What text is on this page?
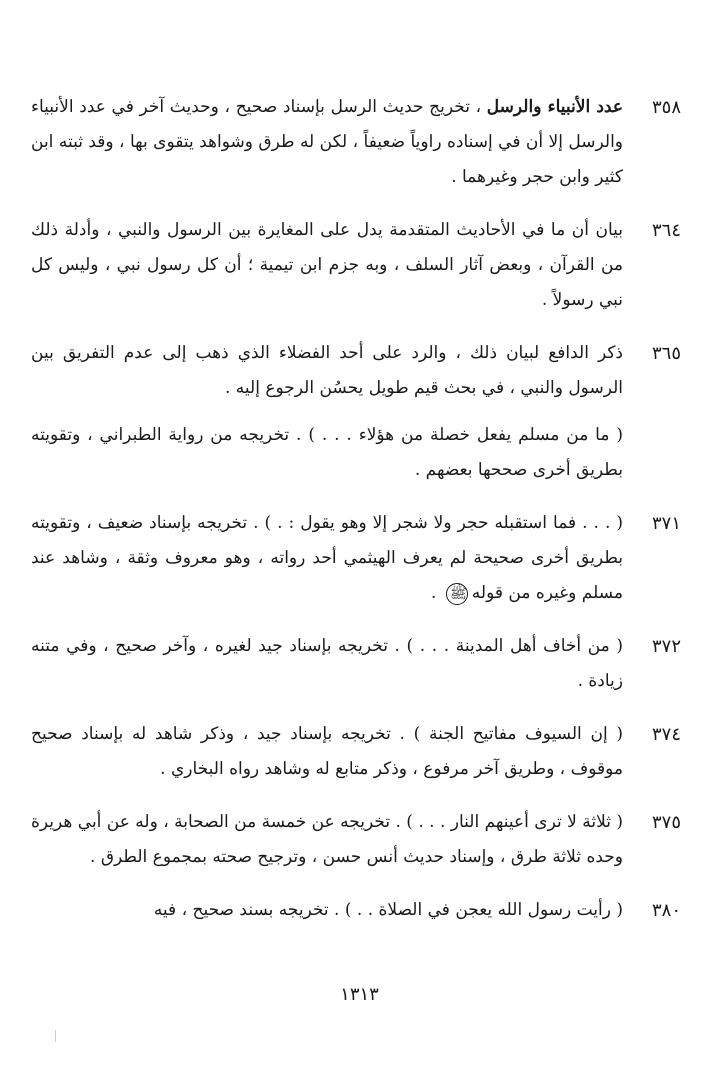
٣٥٨

عدد الأنبياء والرسل ، تخريج حديث الرسل بإسناد صحيح ، وحديث آخر في عدد الأنبياء والرسل إلا أن في إسناده راوياً ضعيفاً ، لكن له طرق وشواهد يتقوى بها ، وقد ثبته ابن كثير وابن حجر وغيرهما .

٣٦٤

بيان أن ما في الأحاديث المتقدمة يدل على المغايرة بين الرسول والنبي ، وأدلة ذلك من القرآن ، وبعض آثار السلف ، وبه جزم ابن تيمية ؛ أن كل رسول نبي ، وليس كل نبي رسولاً .

٣٦٥

ذكر الدافع لبيان ذلك ، والرد على أحد الفضلاء الذي ذهب إلى عدم التفريق بين الرسول والنبي ، في بحث قيم طويل يحسُن الرجوع إليه .

( ما من مسلم يفعل خصلة من هؤلاء . . . ) . تخريجه من رواية الطبراني ، وتقويته بطريق أخرى صححها بعضهم .

٣٧١

( . . . فما استقبله حجر ولا شجر إلا وهو يقول : . ) . تخريجه بإسناد ضعيف ، وتقويته بطريق أخرى صحيحة لم يعرف الهيثمي أحد رواته ، وهو معروف وثقة ، وشاهد عند مسلم وغيره من قولهﷺ .

٣٧٢

( من أخاف أهل المدينة . . . ) . تخريجه بإسناد جيد لغيره ، وآخر صحيح ، وفي متنه زيادة .

٣٧٤

( إن السيوف مفاتيح الجنة ) . تخريجه بإسناد جيد ، وذكر شاهد له بإسناد صحيح موقوف ، وطريق آخر مرفوع ، وذكر متابع له وشاهد رواه البخاري .

٣٧٥

( ثلاثة لا ترى أعينهم النار . . . ) . تخريجه عن خمسة من الصحابة ، وله عن أبي هريرة وحده ثلاثة طرق ، وإسناد حديث أنس حسن ، وترجيح صحته بمجموع الطرق .

٣٨٠

( رأيت رسول الله يعجن في الصلاة . . ) . تخريجه بسند صحيح ، فيه

١٣١٣
